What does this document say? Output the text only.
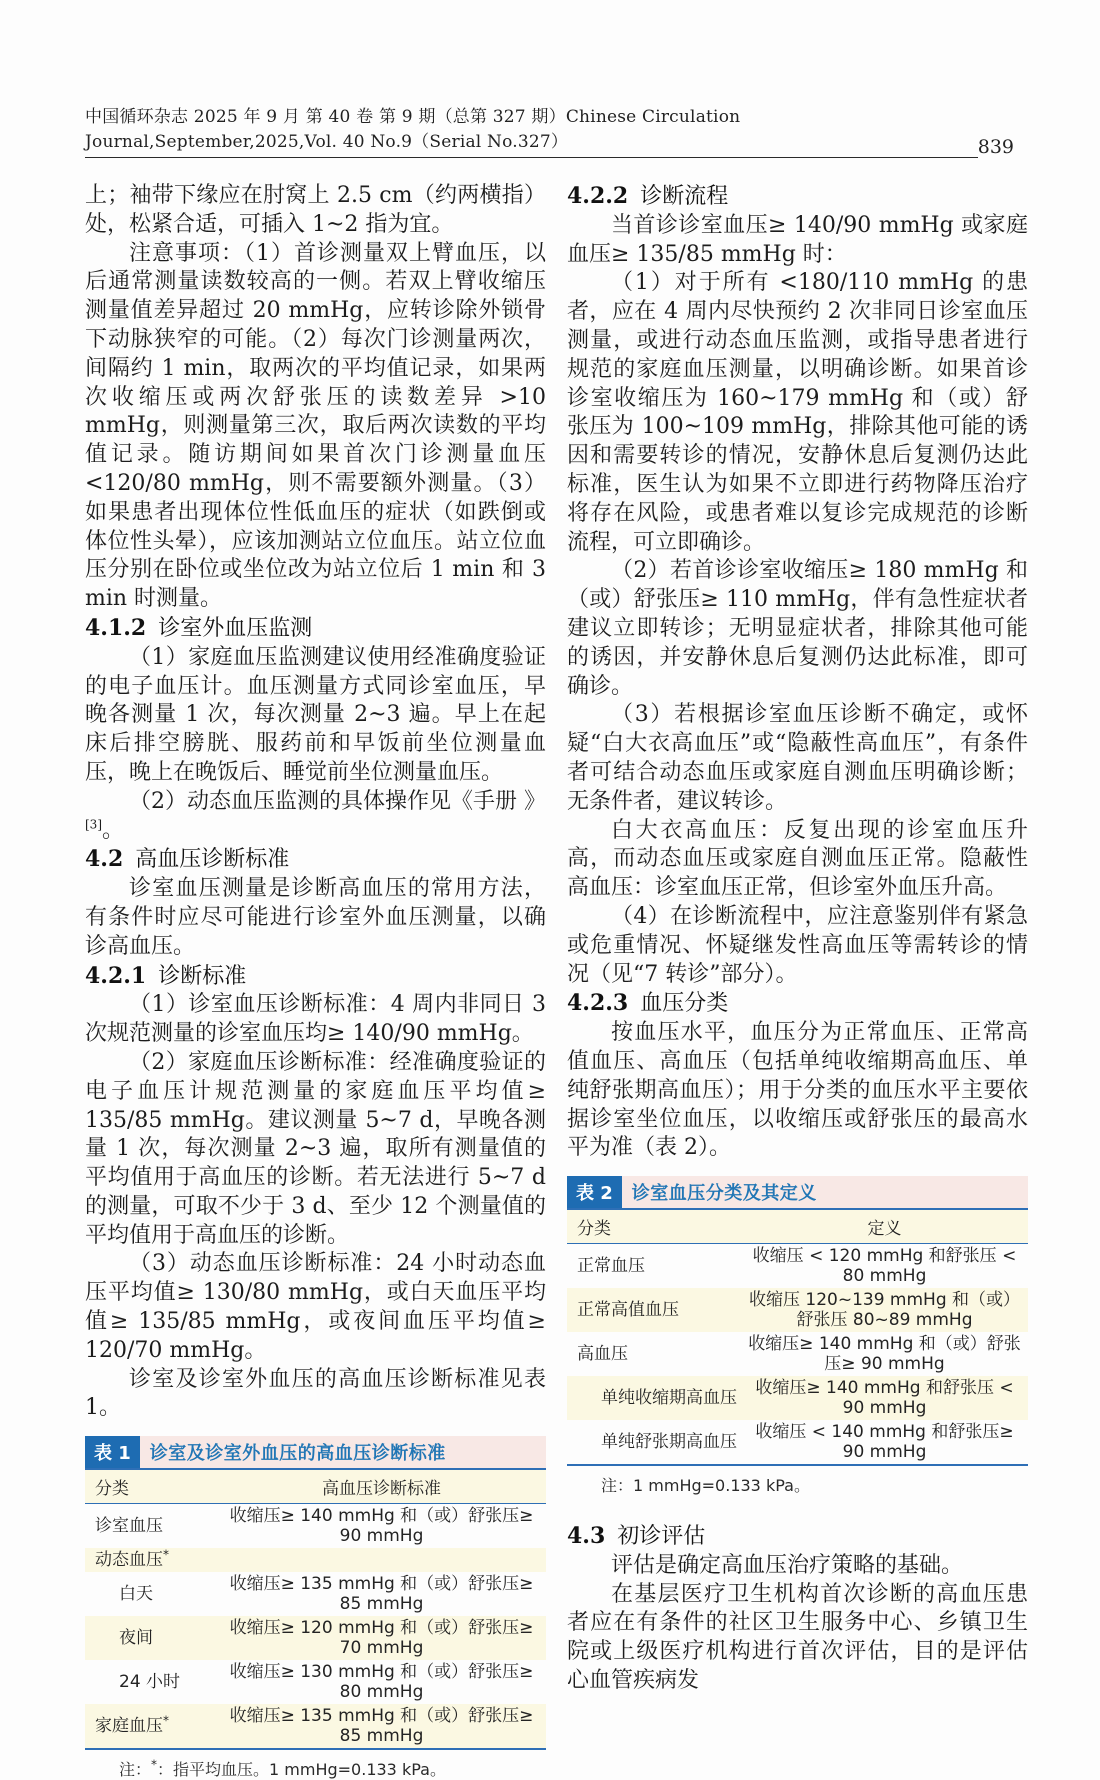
中国循环杂志 2025 年 9 月 第 40 卷 第 9 期（总第 327 期）Chinese Circulation Journal,September,2025,Vol. 40 No.9（Serial No.327）	839

上；袖带下缘应在肘窝上 2.5 cm（约两横指）处，松紧合适，可插入 1~2 指为宜。

注意事项：（1）首诊测量双上臂血压，以后通常测量读数较高的一侧。若双上臂收缩压测量值差异超过 20 mmHg，应转诊除外锁骨下动脉狭窄的可能。（2）每次门诊测量两次，间隔约 1 min，取两次的平均值记录，如果两次收缩压或两次舒张压的读数差异 >10 mmHg，则测量第三次，取后两次读数的平均值记录。随访期间如果首次门诊测量血压 <120/80 mmHg，则不需要额外测量。（3）如果患者出现体位性低血压的症状（如跌倒或体位性头晕），应该加测站立位血压。站立位血压分别在卧位或坐位改为站立位后 1 min 和 3 min 时测量。

4.1.2 诊室外血压监测

（1）家庭血压监测建议使用经准确度验证的电子血压计。血压测量方式同诊室血压，早晚各测量 1 次，每次测量 2~3 遍。早上在起床后排空膀胱、服药前和早饭前坐位测量血压，晚上在晚饭后、睡觉前坐位测量血压。

（2）动态血压监测的具体操作见《手册 》[3]。

4.2 高血压诊断标准

诊室血压测量是诊断高血压的常用方法，有条件时应尽可能进行诊室外血压测量，以确诊高血压。

4.2.1 诊断标准

（1）诊室血压诊断标准：4 周内非同日 3 次规范测量的诊室血压均≥ 140/90 mmHg。

（2）家庭血压诊断标准：经准确度验证的电子血压计规范测量的家庭血压平均值≥ 135/85 mmHg。建议测量 5~7 d，早晚各测量 1 次，每次测量 2~3 遍，取所有测量值的平均值用于高血压的诊断。若无法进行 5~7 d 的测量，可取不少于 3 d、至少 12 个测量值的平均值用于高血压的诊断。

（3）动态血压诊断标准：24 小时动态血压平均值≥ 130/80 mmHg，或白天血压平均值≥ 135/85 mmHg，或夜间血压平均值≥ 120/70 mmHg。

诊室及诊室外血压的高血压诊断标准见表 1。

表 1	诊室及诊室外血压的高血压诊断标准
分类	高血压诊断标准
诊室血压	收缩压≥ 140 mmHg 和（或）舒张压≥ 90 mmHg
动态血压*	
白天	收缩压≥ 135 mmHg 和（或）舒张压≥ 85 mmHg
夜间	收缩压≥ 120 mmHg 和（或）舒张压≥ 70 mmHg
24 小时	收缩压≥ 130 mmHg 和（或）舒张压≥ 80 mmHg
家庭血压*	收缩压≥ 135 mmHg 和（或）舒张压≥ 85 mmHg
注：*：指平均血压。1 mmHg=0.133 kPa。
4.2.2 诊断流程

当首诊诊室血压≥ 140/90 mmHg 或家庭血压≥ 135/85 mmHg 时：

（1）对于所有 <180/110 mmHg 的患者，应在 4 周内尽快预约 2 次非同日诊室血压测量，或进行动态血压监测，或指导患者进行规范的家庭血压测量，以明确诊断。如果首诊诊室收缩压为 160~179 mmHg 和（或）舒张压为 100~109 mmHg，排除其他可能的诱因和需要转诊的情况，安静休息后复测仍达此标准，医生认为如果不立即进行药物降压治疗将存在风险，或患者难以复诊完成规范的诊断流程，可立即确诊。

（2）若首诊诊室收缩压≥ 180 mmHg 和（或）舒张压≥ 110 mmHg，伴有急性症状者建议立即转诊；无明显症状者，排除其他可能的诱因，并安静休息后复测仍达此标准，即可确诊。

（3）若根据诊室血压诊断不确定，或怀疑“白大衣高血压”或“隐蔽性高血压”，有条件者可结合动态血压或家庭自测血压明确诊断；无条件者，建议转诊。

白大衣高血压：反复出现的诊室血压升高，而动态血压或家庭自测血压正常。隐蔽性高血压：诊室血压正常，但诊室外血压升高。

（4）在诊断流程中，应注意鉴别伴有紧急或危重情况、怀疑继发性高血压等需转诊的情况（见“7 转诊”部分）。

4.2.3 血压分类

按血压水平，血压分为正常血压、正常高值血压、高血压（包括单纯收缩期高血压、单纯舒张期高血压）；用于分类的血压水平主要依据诊室坐位血压，以收缩压或舒张压的最高水平为准（表 2）。

表 2	诊室血压分类及其定义
分类	定义
正常血压	收缩压 < 120 mmHg 和舒张压 < 80 mmHg
正常高值血压	收缩压 120~139 mmHg 和（或）舒张压 80~89 mmHg
高血压	收缩压≥ 140 mmHg 和（或）舒张压≥ 90 mmHg
单纯收缩期高血压	收缩压≥ 140 mmHg 和舒张压 < 90 mmHg
单纯舒张期高血压	收缩压 < 140 mmHg 和舒张压≥ 90 mmHg
注：1 mmHg=0.133 kPa。
4.3 初诊评估

评估是确定高血压治疗策略的基础。

在基层医疗卫生机构首次诊断的高血压患者应在有条件的社区卫生服务中心、乡镇卫生院或上级医疗机构进行首次评估，目的是评估心血管疾病发
